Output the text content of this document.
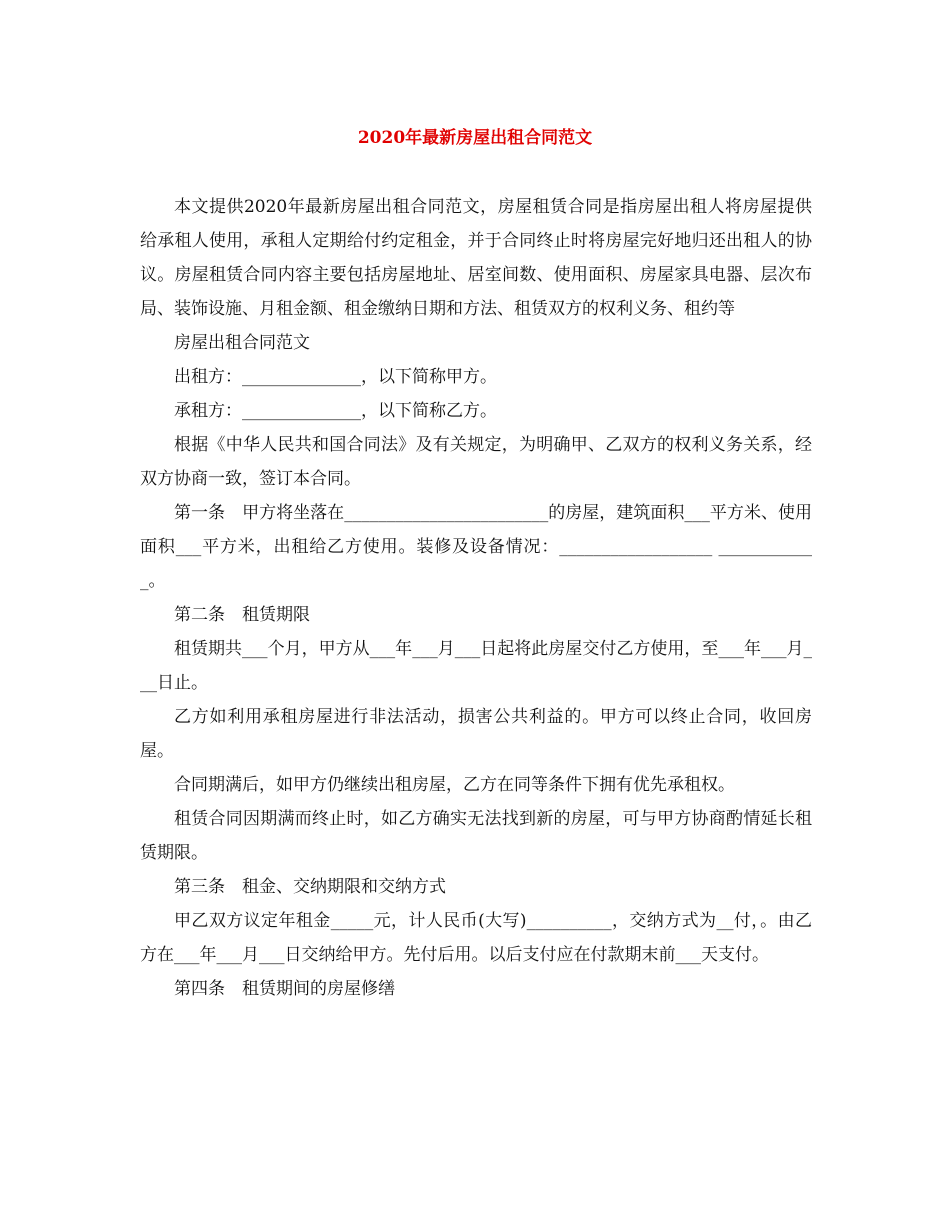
2020年最新房屋出租合同范文

本文提供2020年最新房屋出租合同范文，房屋租赁合同是指房屋出租人将房屋提供给承租人使用，承租人定期给付约定租金，并于合同终止时将房屋完好地归还出租人的协议。房屋租赁合同内容主要包括房屋地址、居室间数、使用面积、房屋家具电器、层次布局、装饰设施、月租金额、租金缴纳日期和方法、租赁双方的权利义务、租约等

房屋出租合同范文

出租方：______________，以下简称甲方。

承租方：______________，以下简称乙方。

根据《中华人民共和国合同法》及有关规定，为明确甲、乙双方的权利义务关系，经双方协商一致，签订本合同。

第一条　甲方将坐落在________________________的房屋，建筑面积___平方米、使用面积___平方米，出租给乙方使用。装修及设备情况：__________________ ____________。

第二条　租赁期限

租赁期共___个月，甲方从___年___月___日起将此房屋交付乙方使用，至___年___月___日止。

乙方如利用承租房屋进行非法活动，损害公共利益的。甲方可以终止合同，收回房屋。

合同期满后，如甲方仍继续出租房屋，乙方在同等条件下拥有优先承租权。

租赁合同因期满而终止时，如乙方确实无法找到新的房屋，可与甲方协商酌情延长租赁期限。

第三条　租金、交纳期限和交纳方式

甲乙双方议定年租金_____元，计人民币(大写)__________，交纳方式为__付，。由乙方在___年___月___日交纳给甲方。先付后用。以后支付应在付款期末前___天支付。

第四条　租赁期间的房屋修缮
